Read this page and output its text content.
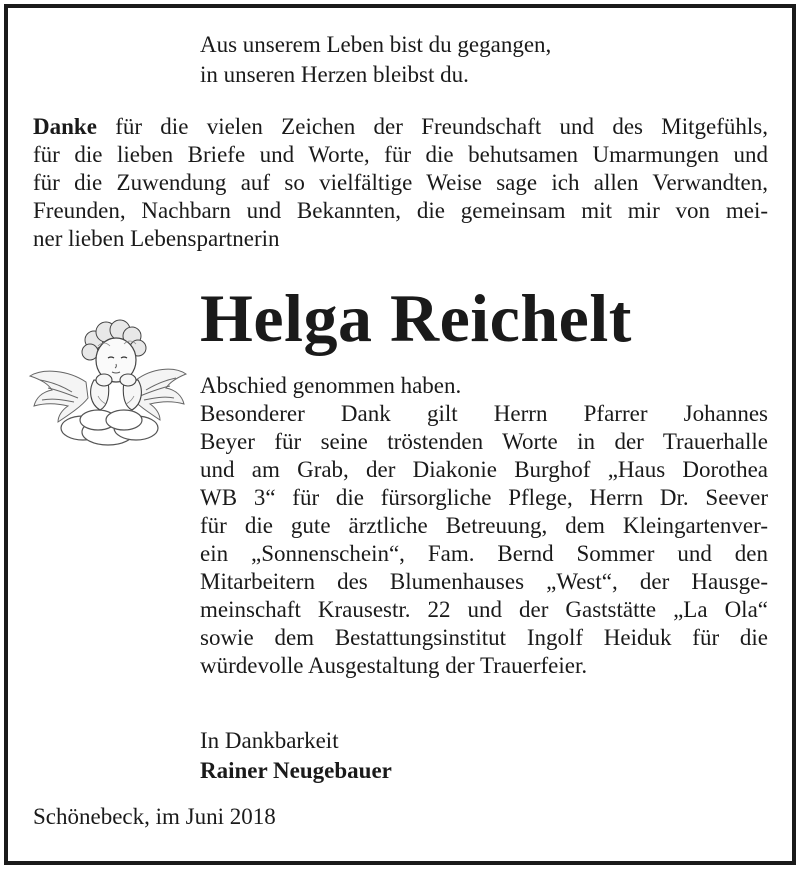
Aus unserem Leben bist du gegangen,
in unseren Herzen bleibst du.
Danke für die vielen Zeichen der Freundschaft und des Mitgefühls,
für die lieben Briefe und Worte, für die behutsamen Umarmungen und
für die Zuwendung auf so vielfältige Weise sage ich allen Verwandten,
Freunden, Nachbarn und Bekannten, die gemeinsam mit mir von mei-
ner lieben Lebenspartnerin
Helga Reichelt
Abschied genommen haben.
Besonderer Dank gilt Herrn Pfarrer Johannes
Beyer für seine tröstenden Worte in der Trauerhalle
und am Grab, der Diakonie Burghof „Haus Dorothea
WB 3“ für die fürsorgliche Pflege, Herrn Dr. Seever
für die gute ärztliche Betreuung, dem Kleingartenver-
ein „Sonnenschein“, Fam. Bernd Sommer und den
Mitarbeitern des Blumenhauses „West“, der Hausge-
meinschaft Krausestr. 22 und der Gaststätte „La Ola“
sowie dem Bestattungsinstitut Ingolf Heiduk für die
würdevolle Ausgestaltung der Trauerfeier.
In Dankbarkeit
Rainer Neugebauer
Schönebeck, im Juni 2018
